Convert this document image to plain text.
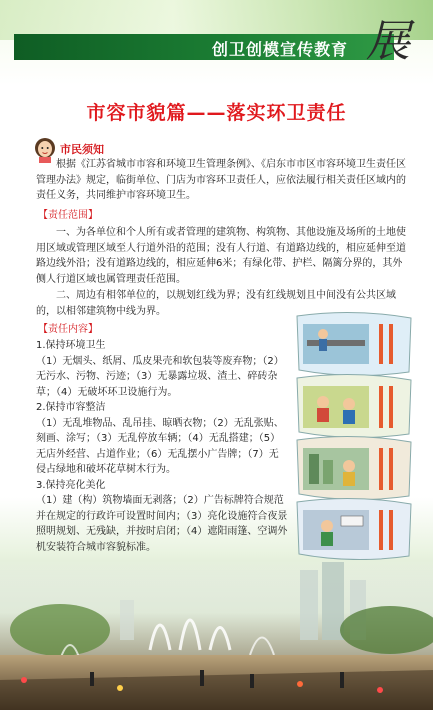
创卫创模宣传教育 展
市容市貌篇——落实环卫责任
市民须知
根据《江苏省城市市容和环境卫生管理条例》、《启东市市区市容环境卫生责任区管理办法》规定，临街单位、门店为市容环卫责任人，应依法履行相关责任区域内的责任义务，共同维护市容环境卫生。
【责任范围】
一、为各单位和个人所有或者管理的建筑物、构筑物、其他设施及场所的土地使用区域或管理区域至人行道外沿的范围；没有人行道、有道路边线的，相应延伸至道路边线外沿；没有道路边线的，相应延伸6米；有绿化带、护栏、隔篱分界的，其外侧人行道区域也属管理责任范围。
二、周边有相邻单位的，以规划红线为界；没有红线规划且中间没有公共区域的，以相邻建筑物中线为界。
【责任内容】
1.保持环境卫生
（1）无烟头、纸屑、瓜皮果壳和软包装等废弃物；（2）无污水、污物、污迹；（3）无暴露垃圾、渣土、碎砖杂草；（4）无破坏环卫设施行为。
2.保持市容整洁
（1）无乱堆物品、乱吊挂、晾晒衣物；（2）无乱张贴、刻画、涂写；（3）无乱停放车辆；（4）无乱搭建；（5）无店外经营、占道作业；（6）无乱摆小广告牌；（7）无侵占绿地和破坏花草树木行为。
3.保持亮化美化
（1）建（构）筑物墙面无剥落；（2）广告标牌符合规范并在规定的行政许可设置时间内；（3）亮化设施符合夜景照明规划、无残缺，并按时启闭；（4）遮阳雨篷、空调外机安装符合城市容貌标准。
